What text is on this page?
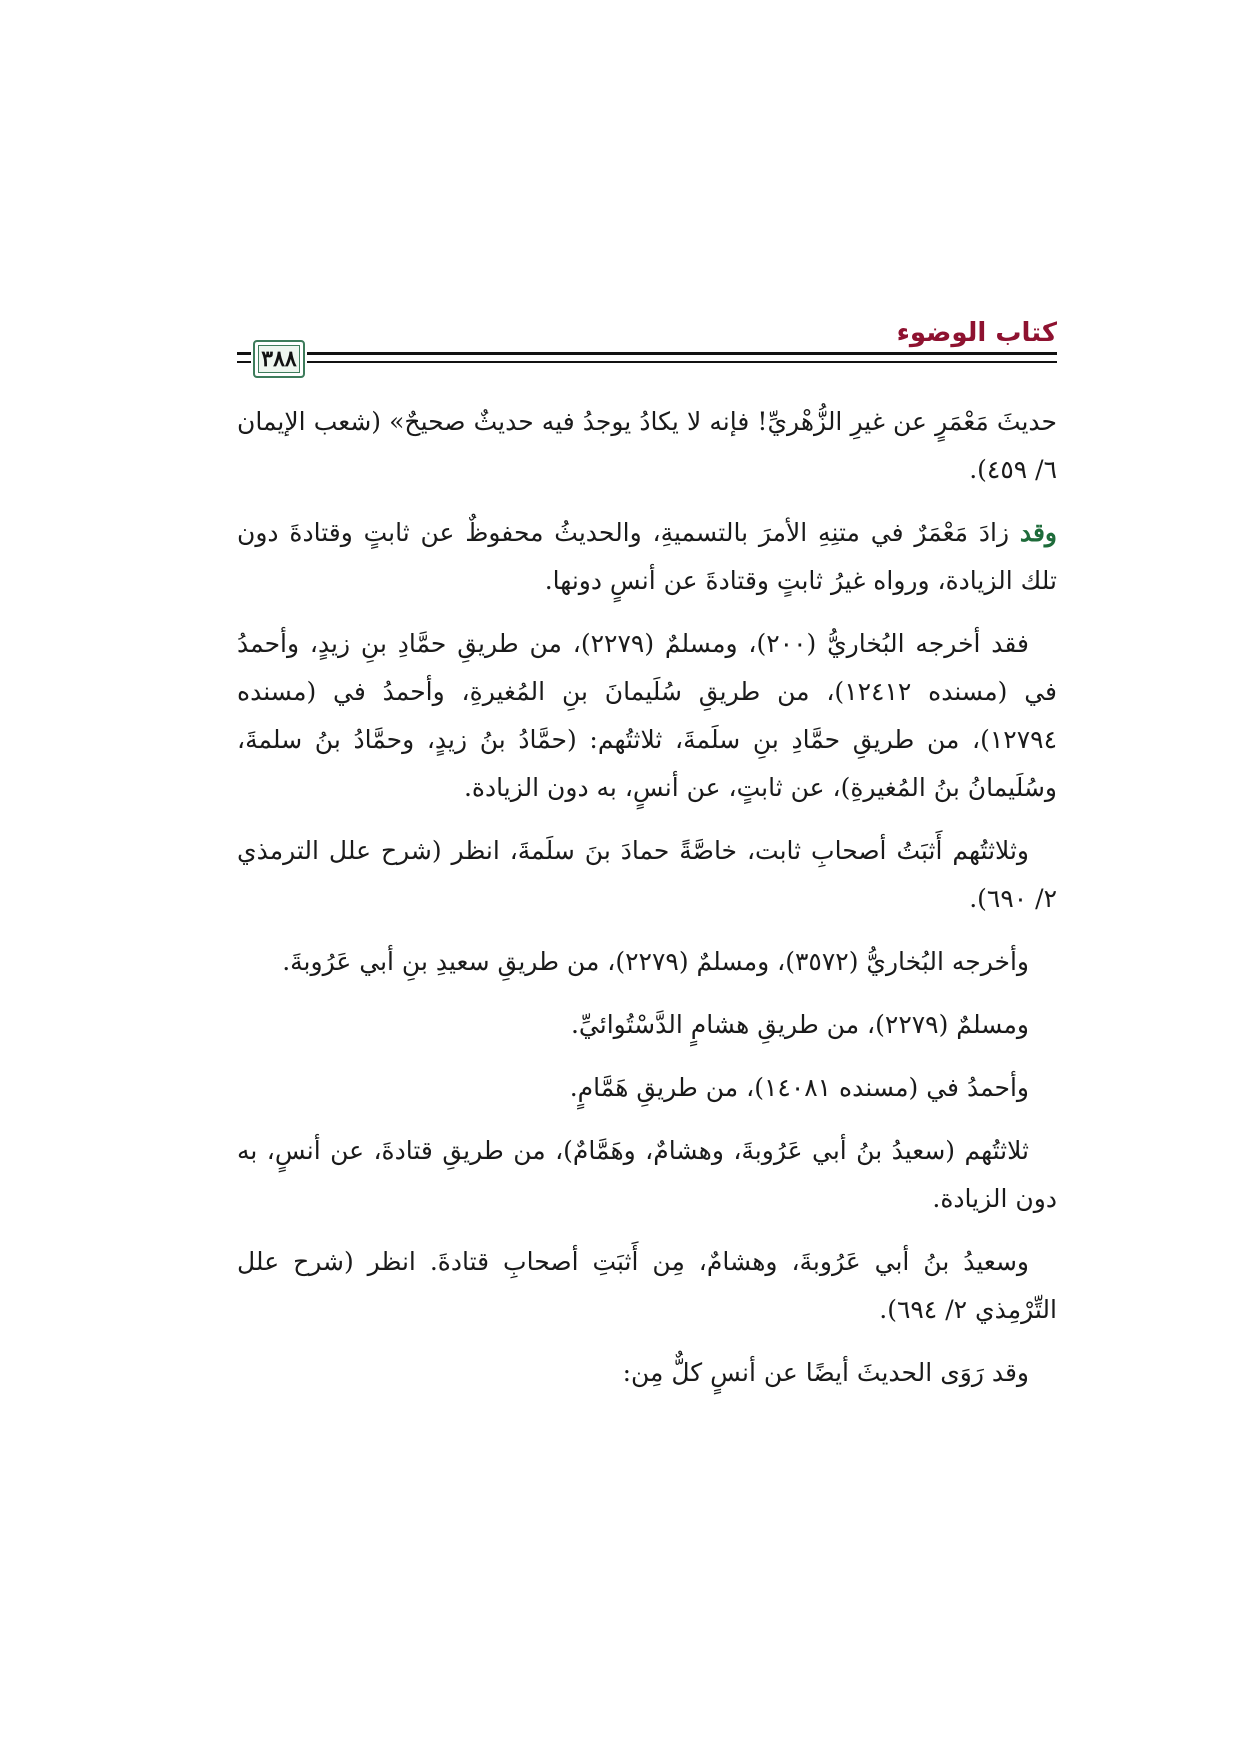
كتاب الوضوء
٣٨٨

حديثَ مَعْمَرٍ عن غيرِ الزُّهْريِّ! فإنه لا يكادُ يوجدُ فيه حديثٌ صحيحٌ» (شعب الإيمان ٦/ ٤٥٩).

وقد زادَ مَعْمَرٌ في متنِهِ الأمرَ بالتسميةِ، والحديثُ محفوظٌ عن ثابتٍ وقتادةَ دون تلك الزيادة، ورواه غيرُ ثابتٍ وقتادةَ عن أنسٍ دونها.

فقد أخرجه البُخاريُّ (٢٠٠)، ومسلمٌ (٢٢٧٩)، من طريقِ حمَّادِ بنِ زيدٍ، وأحمدُ في (مسنده ١٢٤١٢)، من طريقِ سُلَيمانَ بنِ المُغيرةِ، وأحمدُ في (مسنده ١٢٧٩٤)، من طريقِ حمَّادِ بنِ سلَمةَ، ثلاثتُهم: (حمَّادُ بنُ زيدٍ، وحمَّادُ بنُ سلمةَ، وسُلَيمانُ بنُ المُغيرةِ)، عن ثابتٍ، عن أنسٍ، به دون الزيادة.

وثلاثتُهم أَثبَتُ أصحابِ ثابت، خاصَّةً حمادَ بنَ سلَمةَ، انظر (شرح علل الترمذي ٢/ ٦٩٠).

وأخرجه البُخاريُّ (٣٥٧٢)، ومسلمٌ (٢٢٧٩)، من طريقِ سعيدِ بنِ أبي عَرُوبةَ.

ومسلمٌ (٢٢٧٩)، من طريقِ هشامٍ الدَّسْتُوائيِّ.

وأحمدُ في (مسنده ١٤٠٨١)، من طريقِ هَمَّامٍ.

ثلاثتُهم (سعيدُ بنُ أبي عَرُوبةَ، وهشامٌ، وهَمَّامٌ)، من طريقِ قتادةَ، عن أنسٍ، به دون الزيادة.

وسعيدُ بنُ أبي عَرُوبةَ، وهشامٌ، مِن أَثبَتِ أصحابِ قتادةَ. انظر (شرح علل التِّرْمِذي ٢/ ٦٩٤).

وقد رَوَى الحديثَ أيضًا عن أنسٍ كلٌّ مِن:
